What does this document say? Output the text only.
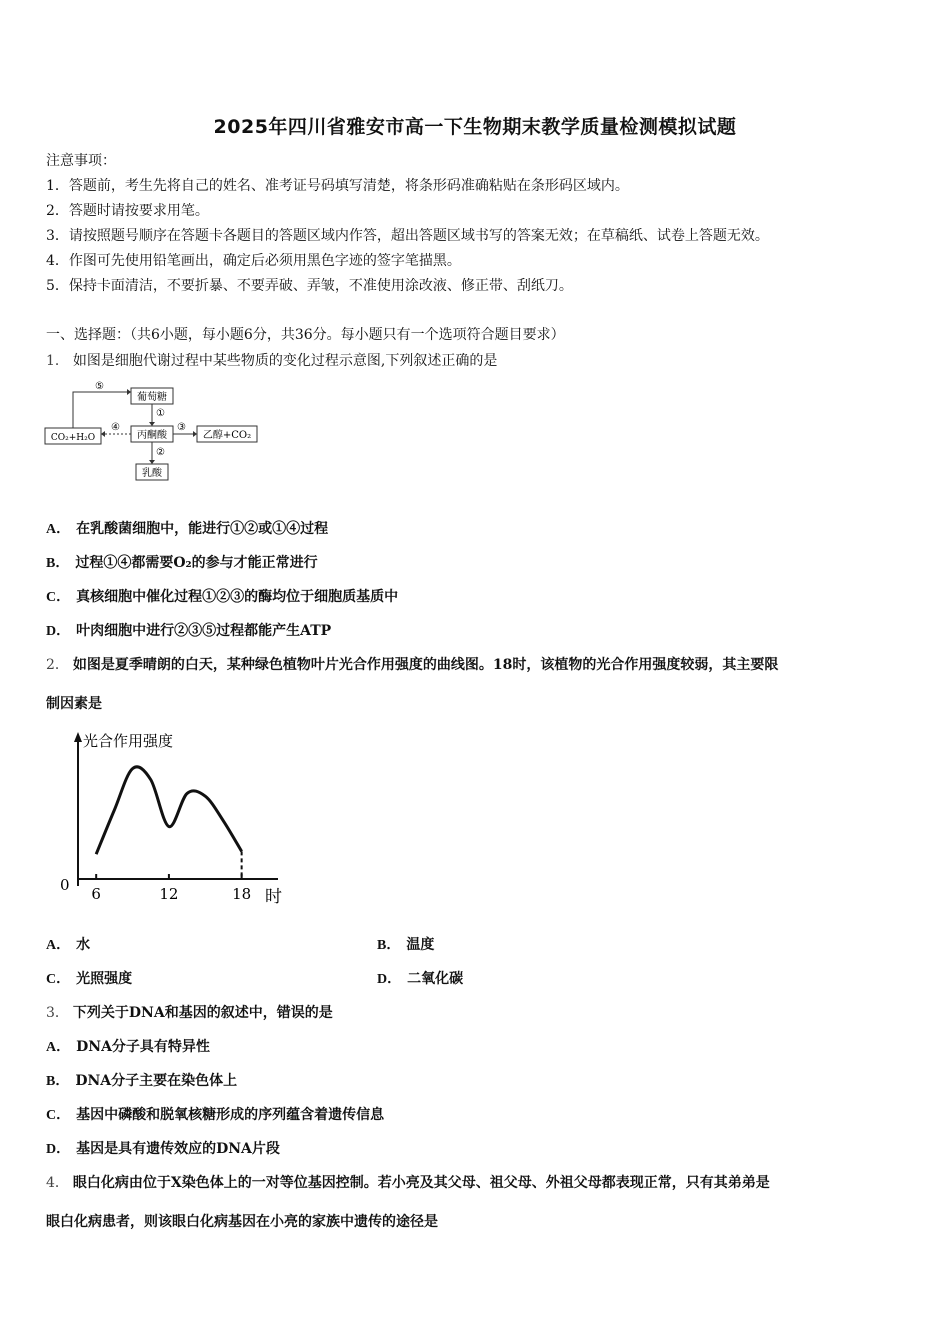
2025年四川省雅安市高一下生物期末教学质量检测模拟试题
注意事项：
1．答题前，考生先将自己的姓名、准考证号码填写清楚，将条形码准确粘贴在条形码区域内。
2．答题时请按要求用笔。
3．请按照题号顺序在答题卡各题目的答题区域内作答，超出答题区域书写的答案无效；在草稿纸、试卷上答题无效。
4．作图可先使用铅笔画出，确定后必须用黑色字迹的签字笔描黑。
5．保持卡面清洁，不要折暴、不要弄破、弄皱，不准使用涂改液、修正带、刮纸刀。
一、选择题：（共6小题，每小题6分，共36分。每小题只有一个选项符合题目要求）
1． 如图是细胞代谢过程中某些物质的变化过程示意图,下列叙述正确的是
葡萄糖
丙酮酸
CO₂+H₂O	乙醇+CO₂
乳酸
①
②
③
④
⑤
A． 在乳酸菌细胞中，能进行①②或①④过程
B． 过程①④都需要O₂的参与才能正常进行
C． 真核细胞中催化过程①②③的酶均位于细胞质基质中
D． 叶肉细胞中进行②③⑤过程都能产生ATP
2． 如图是夏季晴朗的白天，某种绿色植物叶片光合作用强度的曲线图。18时，该植物的光合作用强度较弱，其主要限
制因素是
光合作用强度
0
时
6	12	18
A． 水	B． 温度
C． 光照强度	D． 二氧化碳
3． 下列关于DNA和基因的叙述中，错误的是
A． DNA分子具有特异性
B． DNA分子主要在染色体上
C． 基因中磷酸和脱氧核糖形成的序列蕴含着遗传信息
D． 基因是具有遗传效应的DNA片段
4． 眼白化病由位于X染色体上的一对等位基因控制。若小亮及其父母、祖父母、外祖父母都表现正常，只有其弟弟是
眼白化病患者，则该眼白化病基因在小亮的家族中遗传的途径是
